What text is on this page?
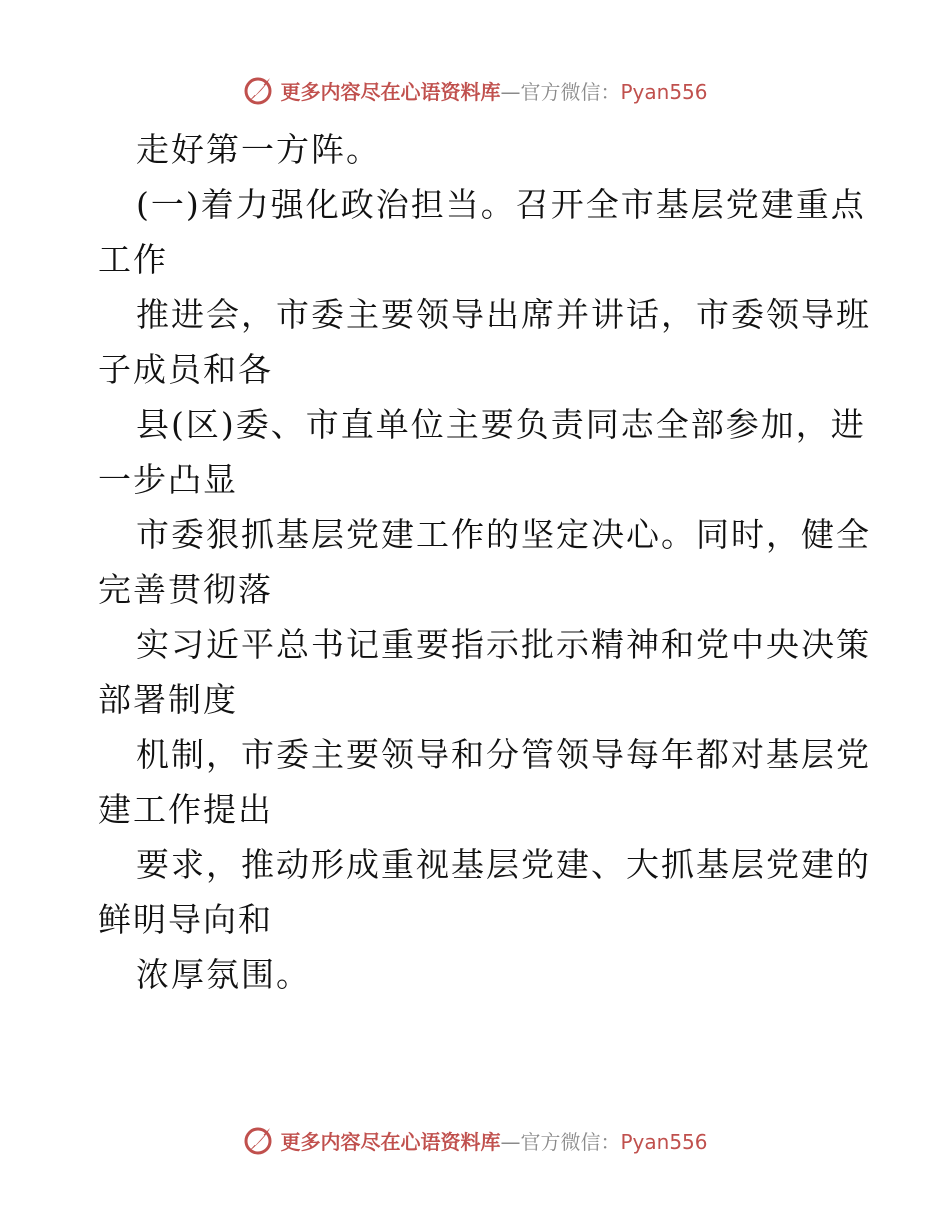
更多内容尽在心语资料库—官方微信：Pyan556
走好第一方阵。
(一)着力强化政治担当。召开全市基层党建重点
工作
推进会，市委主要领导出席并讲话，市委领导班
子成员和各
县(区)委、市直单位主要负责同志全部参加，进
一步凸显
市委狠抓基层党建工作的坚定决心。同时，健全
完善贯彻落
实习近平总书记重要指示批示精神和党中央决策
部署制度
机制，市委主要领导和分管领导每年都对基层党
建工作提出
要求，推动形成重视基层党建、大抓基层党建的
鲜明导向和
浓厚氛围。
更多内容尽在心语资料库—官方微信：Pyan556
